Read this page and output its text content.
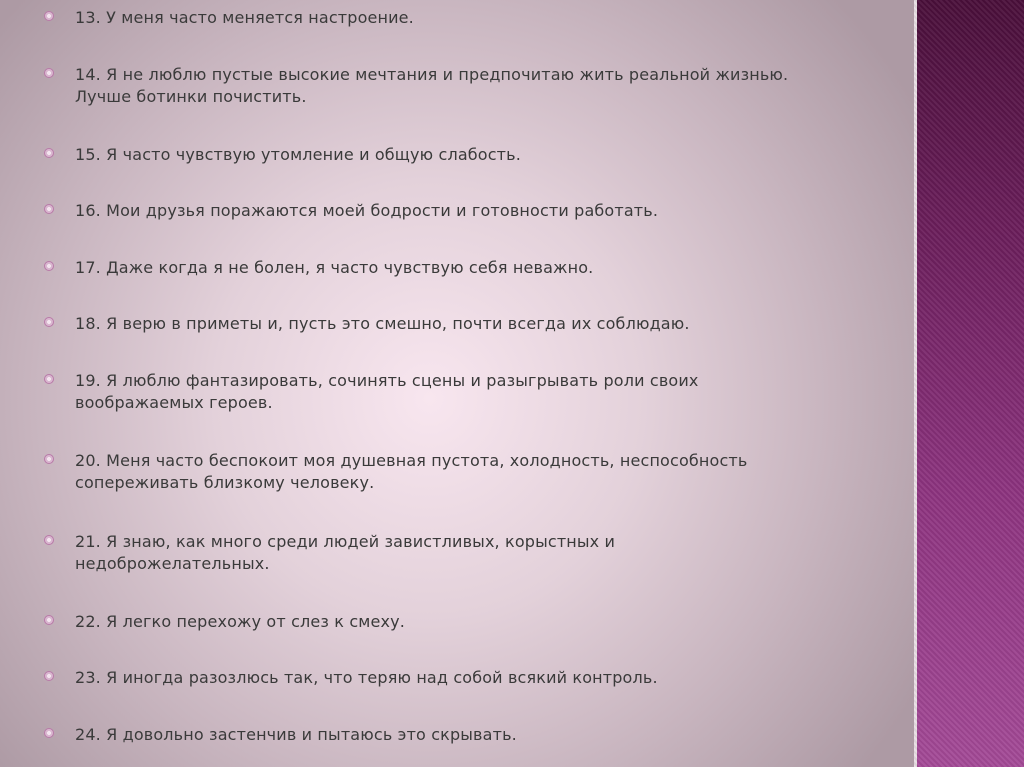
13. У меня часто меняется настроение.
14. Я не люблю пустые высокие мечтания и предпочитаю жить реальной жизнью. Лучше ботинки почистить.
15. Я часто чувствую утомление и общую слабость.
16. Мои друзья поражаются моей бодрости и готовности работать.
17. Даже когда я не болен, я часто чувствую себя неважно.
18. Я верю в приметы и, пусть это смешно, почти всегда их соблюдаю.
19. Я люблю фантазировать, сочинять сцены и разыгрывать роли своих воображаемых героев.
20. Меня часто беспокоит моя душевная пустота, холодность, неспособность сопереживать близкому человеку.
21. Я знаю, как много среди людей завистливых, корыстных и недоброжелательных.
22. Я легко перехожу от слез к смеху.
23. Я иногда разозлюсь так, что теряю над собой всякий контроль.
24. Я довольно застенчив и пытаюсь это скрывать.
